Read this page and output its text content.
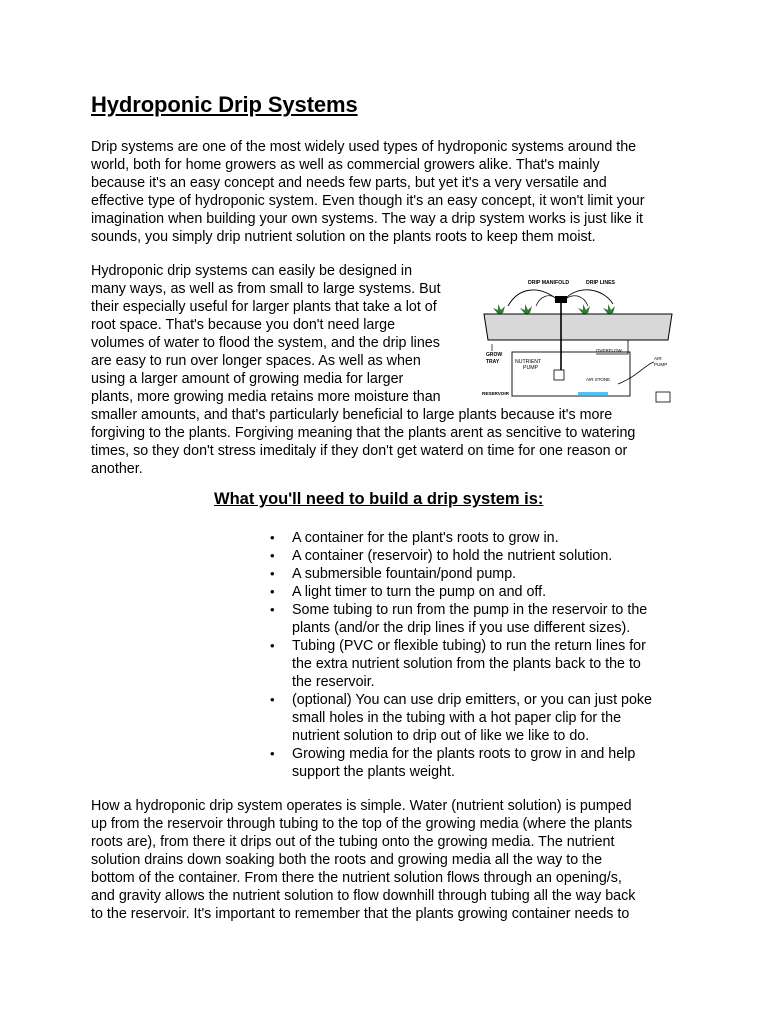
Hydroponic Drip Systems

Drip systems are one of the most widely used types of hydroponic systems around the
world, both for home growers as well as commercial growers alike. That's mainly
because it's an easy concept and needs few parts, but yet it's a very versatile and
effective type of hydroponic system. Even though it's an easy concept, it won't limit your
imagination when building your own systems. The way a drip system works is just like it
sounds, you simply drip nutrient solution on the plants roots to keep them moist.

Hydroponic drip systems can easily be designed in
many ways, as well as from small to large systems. But
their especially useful for larger plants that take a lot of
root space. That's because you don't need large
volumes of water to flood the system, and the drip lines
are easy to run over longer spaces. As well as when
using a larger amount of growing media for larger
plants, more growing media retains more moisture than
smaller amounts, and that's particularly beneficial to large plants because it's more
forgiving to the plants. Forgiving meaning that the plants arent as sencitive to watering
times, so they don't stress imeditaly if they don't get waterd on time for one reason or
another.

DRIP MANIFOLD	DRIP LINES
OVERFLOW
GROW
TRAY	NUTRIENT
PUMP
AIR STONE
RESERVOIR
AIR
PUMP
What you'll need to build a drip system is:
• A container for the plant's roots to grow in.
• A container (reservoir) to hold the nutrient solution.
• A submersible fountain/pond pump.
• A light timer to turn the pump on and off.
• Some tubing to run from the pump in the reservoir to the
plants (and/or the drip lines if you use different sizes).
• Tubing (PVC or flexible tubing) to run the return lines for
the extra nutrient solution from the plants back to the to
the reservoir.
• (optional) You can use drip emitters, or you can just poke
small holes in the tubing with a hot paper clip for the
nutrient solution to drip out of like we like to do.
• Growing media for the plants roots to grow in and help
support the plants weight.

How a hydroponic drip system operates is simple. Water (nutrient solution) is pumped
up from the reservoir through tubing to the top of the growing media (where the plants
roots are), from there it drips out of the tubing onto the growing media. The nutrient
solution drains down soaking both the roots and growing media all the way to the
bottom of the container. From there the nutrient solution flows through an opening/s,
and gravity allows the nutrient solution to flow downhill through tubing all the way back
to the reservoir. It's important to remember that the plants growing container needs to
